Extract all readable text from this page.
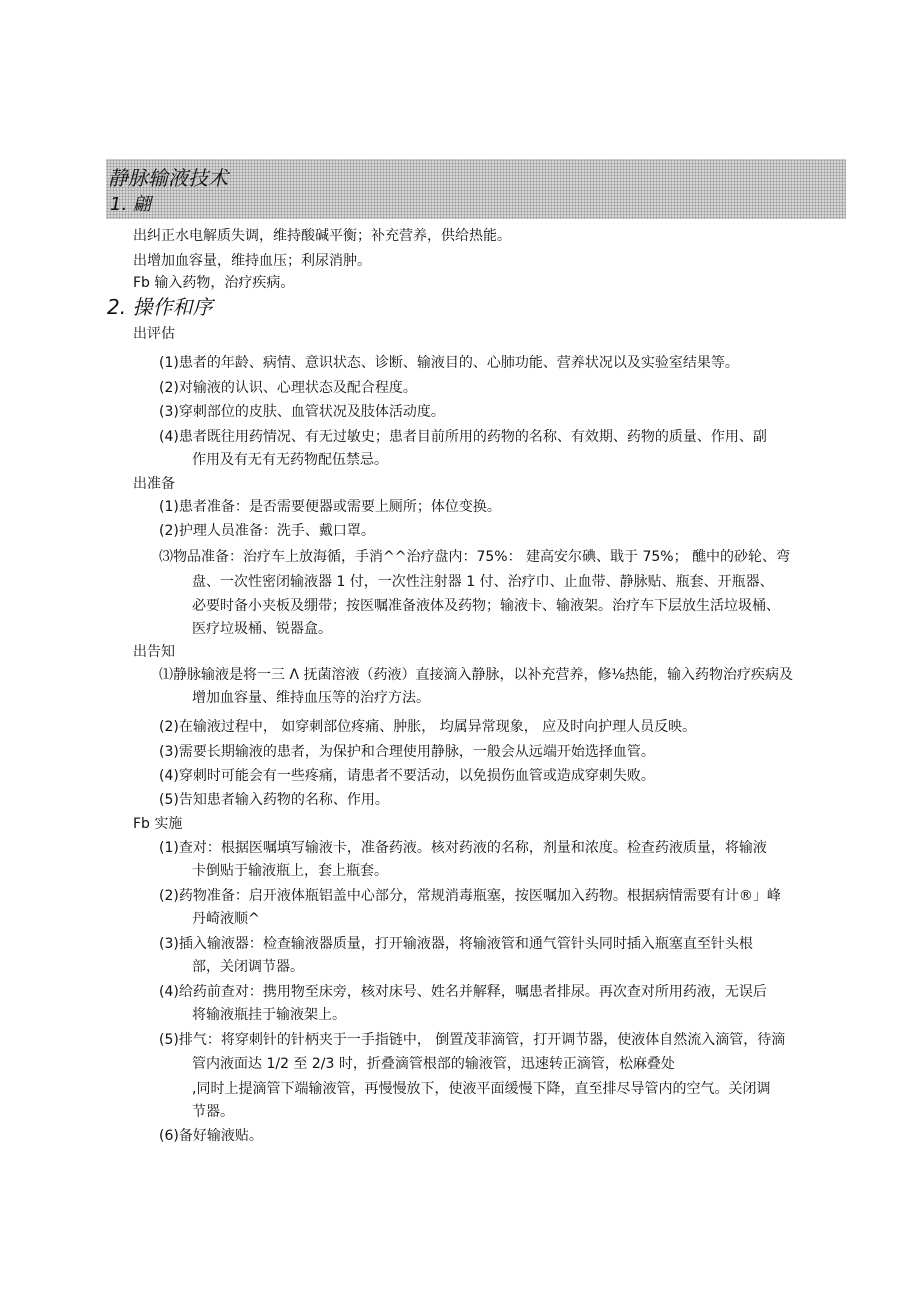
静脉输液技术
1. 翩
出纠正水电解质失调，维持酸碱平衡；补充营养，供给热能。
出增加血容量，维持血压；利尿消肿。
Fb 输入药物，治疗疾病。
2. 操作和序
出评估
(1)患者的年龄、病情、意识状态、诊断、输液目的、心肺功能、营养状况以及实验室结果等。
(2)对输液的认识、心理状态及配合程度。
(3)穿刺部位的皮肤、血管状况及肢体活动度。
(4)患者既往用药情况、有无过敏史；患者目前所用的药物的名称、有效期、药物的质量、作用、副
作用及有无有无药物配伍禁忌。
出准备
(1)患者准备：是否需要便器或需要上厕所；体位变换。
(2)护理人员准备：洗手、戴口罩。
⑶物品准备：治疗车上放海循，手消^^治疗盘内：75%： 建高安尔碘、戢于 75%； 醮中的砂轮、弯
盘、一次性密闭输液器 1 付，一次性注射器 1 付、治疗巾、止血带、静脉贴、瓶套、开瓶器、
必要时备小夹板及绷带；按医嘱准备液体及药物；输液卡、输液架。治疗车下层放生活垃圾桶、
医疗垃圾桶、锐器盒。
出告知
⑴静脉输液是将一三 Λ 抚菌溶液（药液）直接滴入静脉，以补充营养，修⅛热能，输入药物治疗疾病及
增加血容量、维持血压等的治疗方法。
(2)在输液过程中， 如穿刺部位疼痛、肿胀， 均属异常现象， 应及时向护理人员反映。
(3)需要长期输液的患者，为保护和合理使用静脉，一般会从远端开始选择血管。
(4)穿刺时可能会有一些疼痛，请患者不要活动，以免损伤血管或造成穿刺失败。
(5)告知患者输入药物的名称、作用。
Fb 实施
(1)查对：根据医嘱填写输液卡，准备药液。核对药液的名称，剂量和浓度。检查药液质量，将输液
卡倒贴于输液瓶上，套上瓶套。
(2)药物准备：启开液体瓶铝盖中心部分，常规消毒瓶塞，按医嘱加入药物。根据病情需要有计®」峰
丹崎液顺^
(3)插入输液器：检查输液器质量，打开输液器，将输液管和通气管针头同时插入瓶塞直至针头根
部，关闭调节器。
(4)给药前查对：携用物至床旁，核对床号、姓名并解释，嘱患者排尿。再次查对所用药液，无误后
将输液瓶挂于输液架上。
(5)排气：将穿刺针的针柄夹于一手指链中， 倒置茂菲滴管，打开调节器，使液体自然流入滴管，待滴
管内液面达 1/2 至 2/3 时，折叠滴管根部的输液管，迅速转正滴管，松麻叠处
,同时上提滴管下端输液管，再慢慢放下，使液平面缓慢下降，直至排尽导管内的空气。关闭调
节器。
(6)备好输液贴。
